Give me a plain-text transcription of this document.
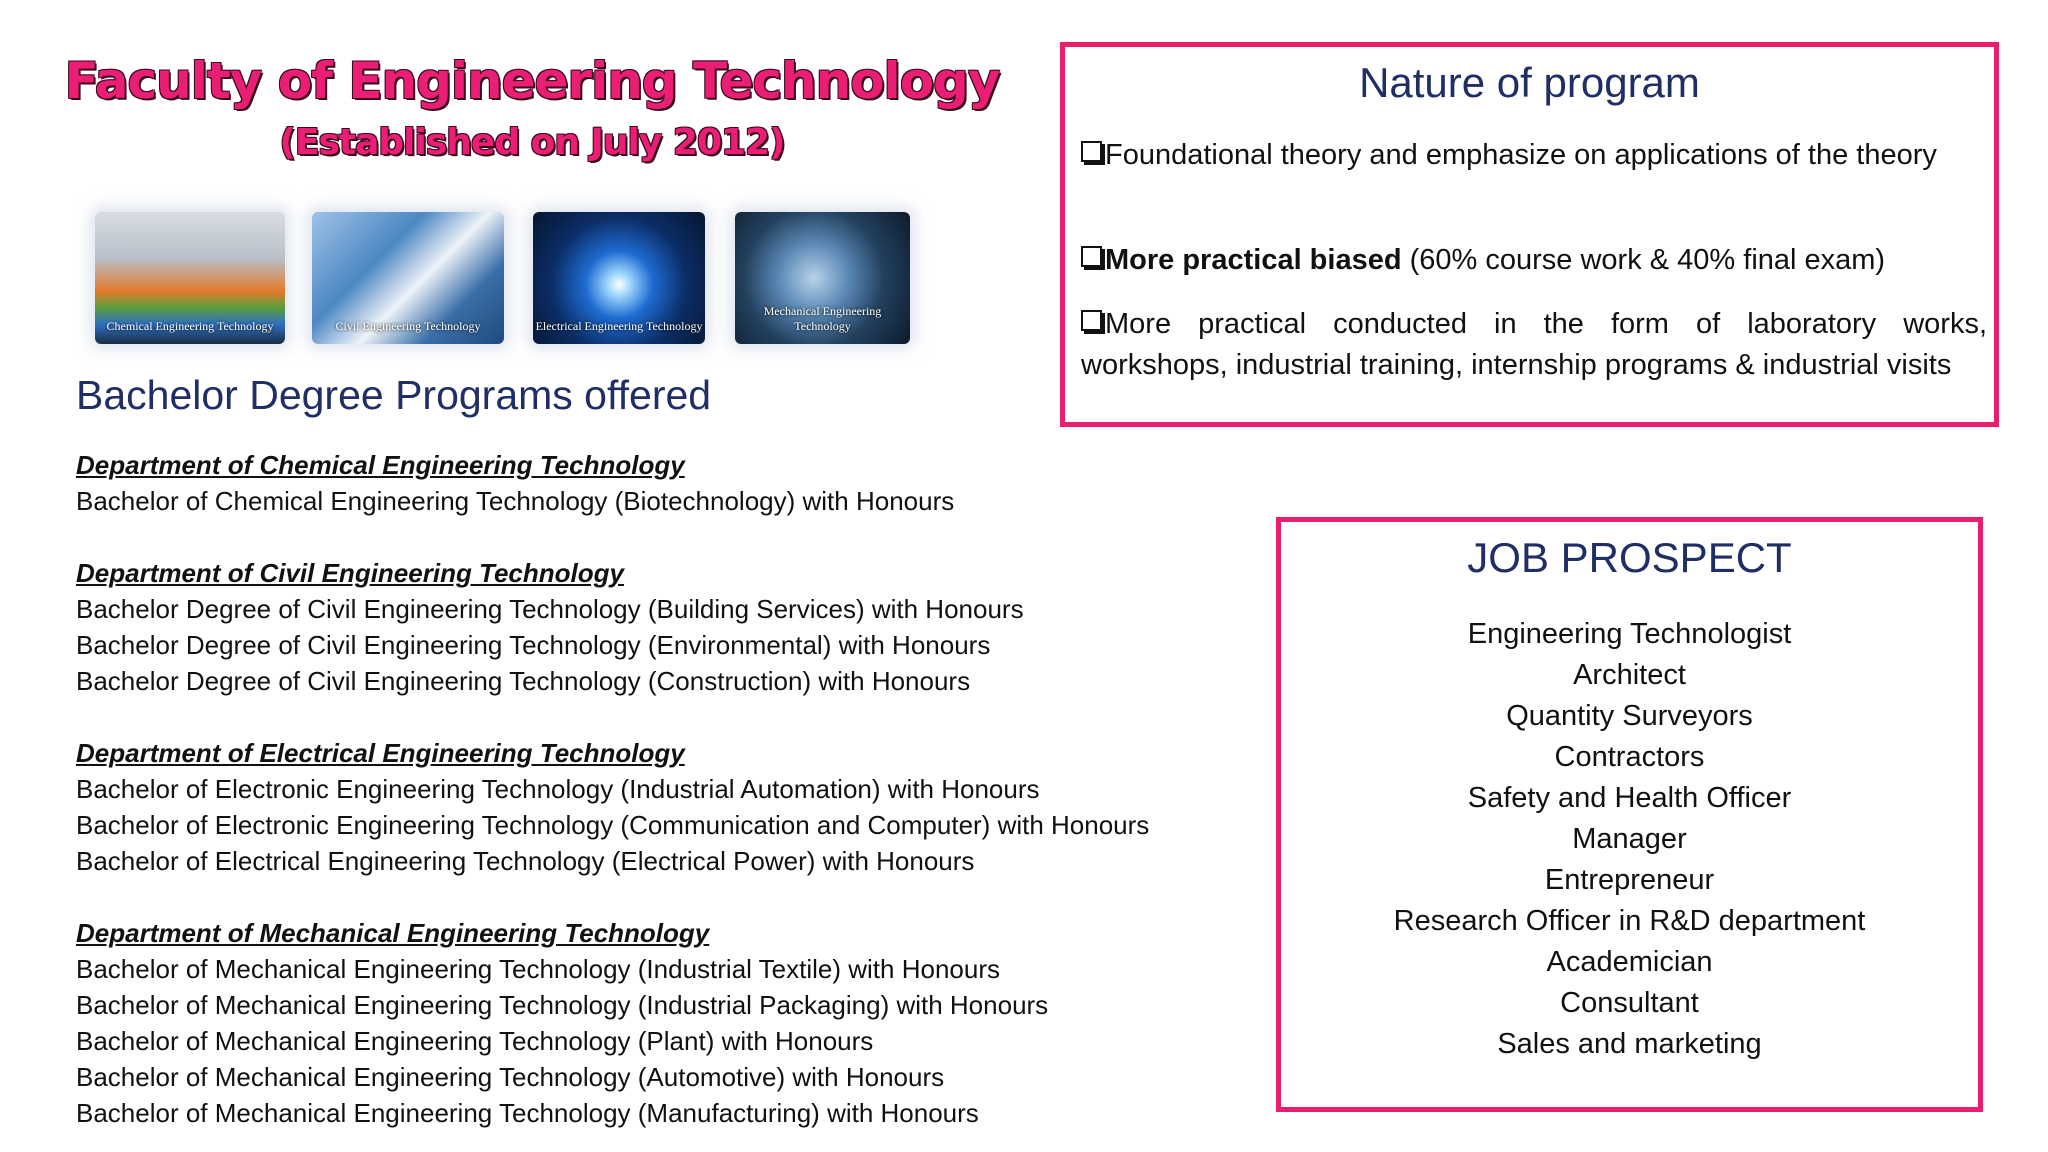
Faculty of Engineering Technology
(Established on July 2012)
Chemical Engineering Technology	Civil Engineering Technology	Electrical Engineering Technology
Mechanical Engineering Technology
Bachelor Degree Programs offered
Department of Chemical Engineering Technology
Bachelor of Chemical Engineering Technology (Biotechnology) with Honours
Department of Civil Engineering Technology
Bachelor Degree of Civil Engineering Technology (Building Services) with Honours
Bachelor Degree of Civil Engineering Technology (Environmental) with Honours
Bachelor Degree of Civil Engineering Technology (Construction) with Honours
Department of Electrical Engineering Technology
Bachelor of Electronic Engineering Technology (Industrial Automation) with Honours
Bachelor of Electronic Engineering Technology (Communication and Computer) with Honours
Bachelor of Electrical Engineering Technology (Electrical Power) with Honours
Department of Mechanical Engineering Technology
Bachelor of Mechanical Engineering Technology (Industrial Textile) with Honours
Bachelor of Mechanical Engineering Technology (Industrial Packaging) with Honours
Bachelor of Mechanical Engineering Technology (Plant) with Honours
Bachelor of Mechanical Engineering Technology (Automotive) with Honours
Bachelor of Mechanical Engineering Technology (Manufacturing) with Honours
Nature of program
Foundational theory and emphasize on applications of the theory
More practical biased (60% course work & 40% final exam)
More practical conducted in the form of laboratory works, workshops, industrial training, internship programs & industrial visits
JOB PROSPECT
Engineering Technologist
Architect
Quantity Surveyors
Contractors
Safety and Health Officer
Manager
Entrepreneur
Research Officer in R&D department
Academician
Consultant
Sales and marketing
